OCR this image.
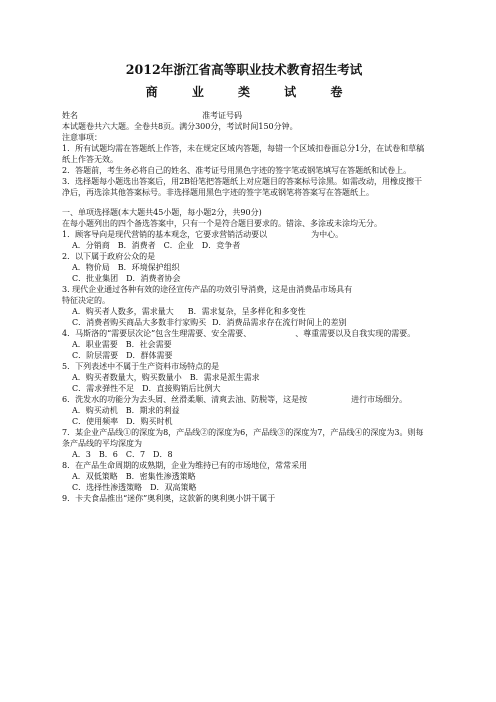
2012年浙江省高等职业技术教育招生考试
商 业 类 试 卷
姓名	准考证号码
本试题卷共六大题。全卷共8页。满分300分，考试时间150分钟。
注意事项：
1．所有试题均需在答题纸上作答，未在规定区域内答题，每错一个区域扣卷面总分1分，在试卷和草稿纸上作答无效。
2．答题前，考生务必将自己的姓名、准考证号用黑色字迹的签字笔或钢笔填写在答题纸和试卷上。
3．选择题每小题选出答案后，用2B铅笔把答题纸上对应题目的答案标号涂黑。如需改动，用橡皮擦干净后，再选涂其他答案标号。非选择题用黑色字迹的签字笔或钢笔将答案写在答题纸上。
一、单项选择题(本大题共45小题，每小题2分，共90分)
在每小题列出的四个备选答案中，只有一个是符合题目要求的。错涂、多涂或未涂均无分。
1．顾客导向是现代营销的基本观念，它要求营销活动要以	为中心。
A．分销商　B．消费者　C．企业　D．竞争者
2．以下属于政府公众的是
A．物价局　B．环境保护组织
C．批业集团　D．消费者协会
3. 现代企业通过各种有效的途径宣传产品的功效引导消费，这是由消费品市场具有
特征决定的。
A．购买者人数多，需求量大 B．需求复杂，呈多样化和多变性
C．消费者购买商品大多数非行家购买 D．消费品需求存在流行时间上的差别
4．马斯洛的“需要层次论”包含生理需要、安全需要、	、尊重需要以及自我实现的需要。
A．职业需要　B．社会需要
C．阶层需要　D．群体需要
5．下列表述中不属于生产资料市场特点的是
A．购买者数量大，购买数量小　B．需求是派生需求
C．需求弹性不足　D．直接购销后比例大
6．洗发水的功能分为去头屑、丝滑柔顺、清爽去油、防脱等，这是按	进行市场细分。
A．购买动机　B．期求的利益
C．使用频率　D．购买时机
7．某企业产品线①的深度为8，产品线②的深度为6，产品线③的深度为7，产品线④的深度为3。则每条产品线的平均深度为
A．3　B．6　C．7　D．8
8．在产品生命周期的成熟期，企业为维持已有的市场地位，常常采用
A．双低策略　B．密集性渗透策略
C．选择性渗透策略　D．双高策略
9．卡夫食品推出“迷你”奥利奥，这款新的奥利奥小饼干属于
